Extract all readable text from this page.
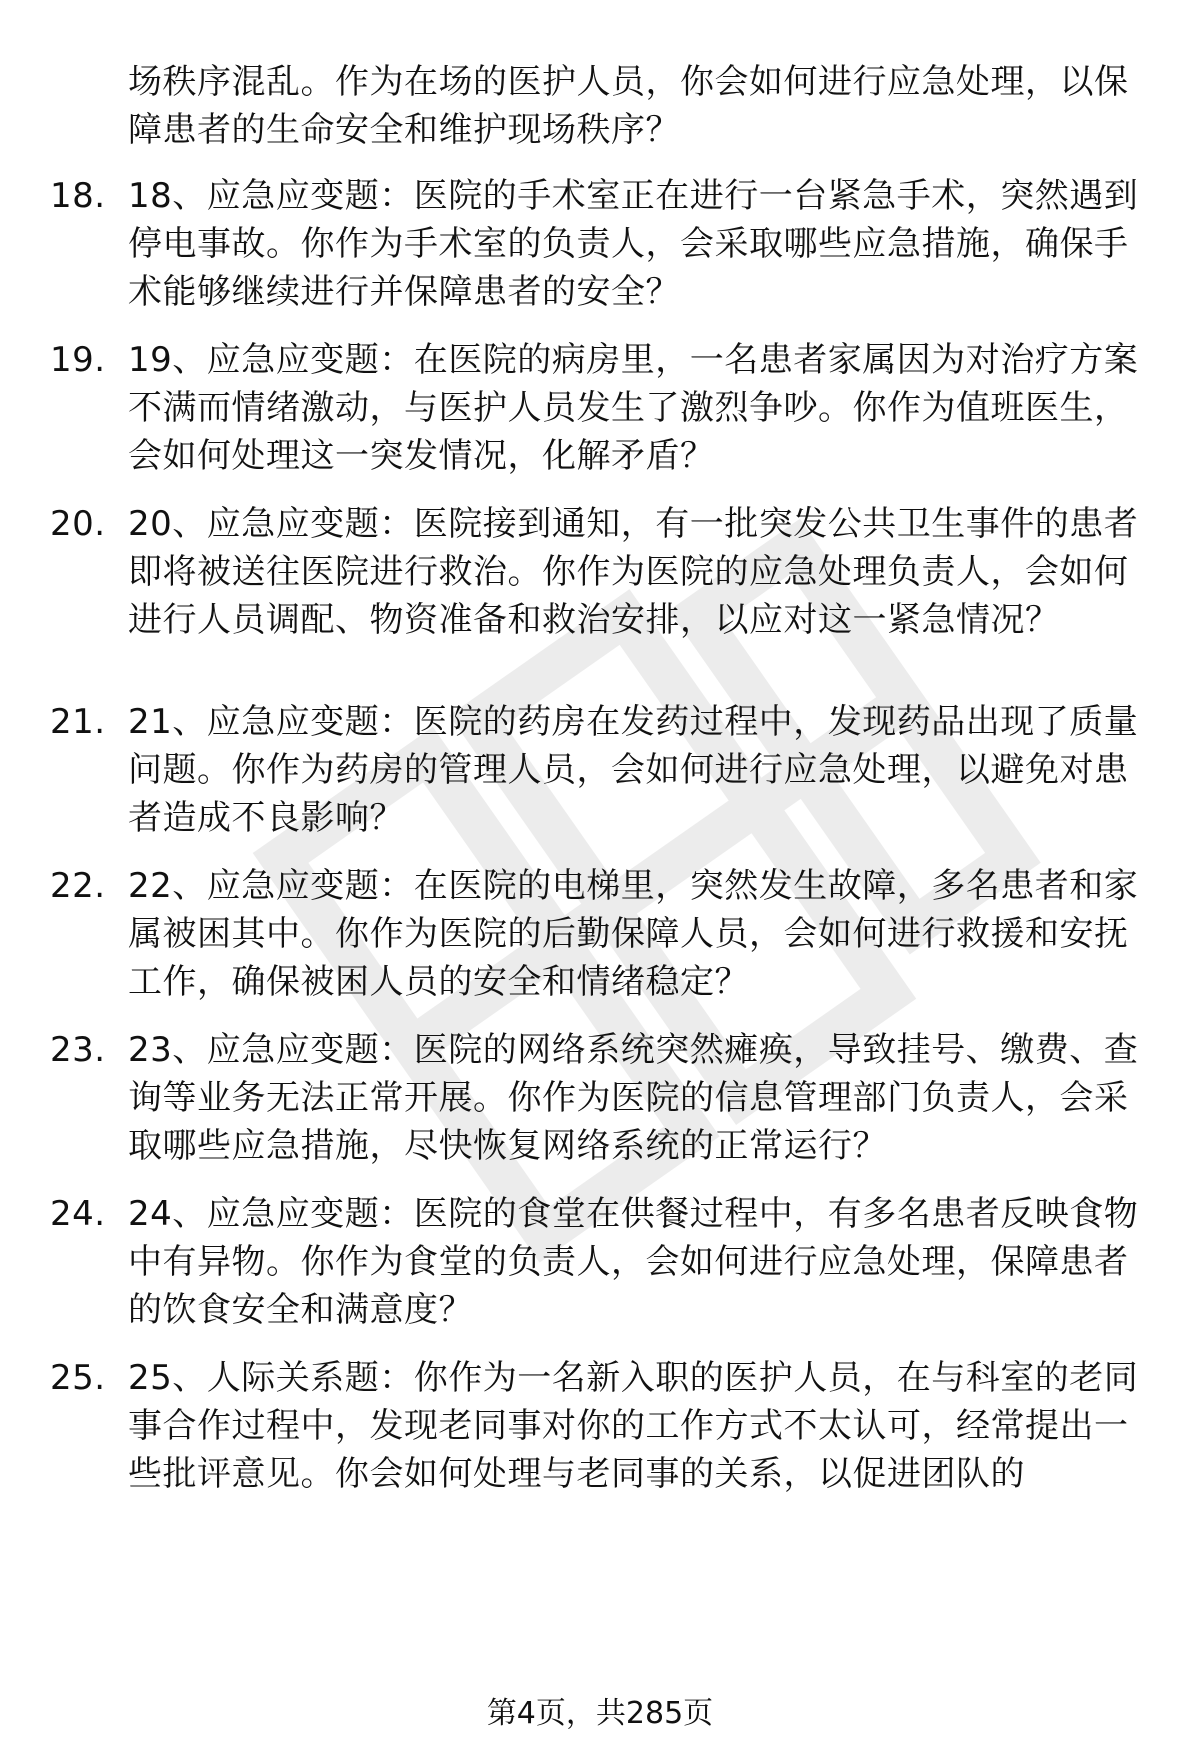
场秩序混乱。作为在场的医护人员，你会如何进行应急处理，以保障患者的生命安全和维护现场秩序？
18. 18、应急应变题：医院的手术室正在进行一台紧急手术，突然遇到停电事故。你作为手术室的负责人，会采取哪些应急措施，确保手术能够继续进行并保障患者的安全？
19. 19、应急应变题：在医院的病房里，一名患者家属因为对治疗方案不满而情绪激动，与医护人员发生了激烈争吵。你作为值班医生，会如何处理这一突发情况，化解矛盾？
20. 20、应急应变题：医院接到通知，有一批突发公共卫生事件的患者即将被送往医院进行救治。你作为医院的应急处理负责人，会如何进行人员调配、物资准备和救治安排，以应对这一紧急情况？
21. 21、应急应变题：医院的药房在发药过程中，发现药品出现了质量问题。你作为药房的管理人员，会如何进行应急处理，以避免对患者造成不良影响？
22. 22、应急应变题：在医院的电梯里，突然发生故障，多名患者和家属被困其中。你作为医院的后勤保障人员，会如何进行救援和安抚工作，确保被困人员的安全和情绪稳定？
23. 23、应急应变题：医院的网络系统突然瘫痪，导致挂号、缴费、查询等业务无法正常开展。你作为医院的信息管理部门负责人，会采取哪些应急措施，尽快恢复网络系统的正常运行？
24. 24、应急应变题：医院的食堂在供餐过程中，有多名患者反映食物中有异物。你作为食堂的负责人，会如何进行应急处理，保障患者的饮食安全和满意度？
25. 25、人际关系题：你作为一名新入职的医护人员，在与科室的老同事合作过程中，发现老同事对你的工作方式不太认可，经常提出一些批评意见。你会如何处理与老同事的关系，以促进团队的
第4页，共285页
